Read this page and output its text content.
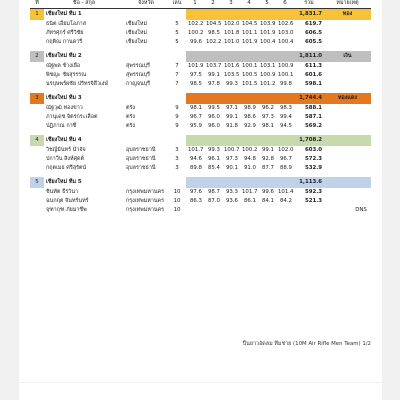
ที่	ชื่อ - สกุล	จังหวัด	เลน	1	2	3	4	5	6	รวม	หมายเหตุ	
1	เชียงใหม่ ทีม 1									1,831.7	ทอง	
	ธนิต เอี่ยมโอภาส	เชียงใหม่	5	102.2	104.5	102.0	104.5	103.9	102.6	619.7		
	ภัทรศุกร์ ศรีวิชัย	เชียงใหม่	5	100.2	98.5	101.8	101.1	101.9	103.0	606.5		
	กฤติณ กานดารี	เชียงใหม่	5	99.6	102.2	101.0	101.9	100.4	100.4	605.5		

2	เชียงใหม่ ทีม 2									1,811.0	เงิน	
	ณัฐพล ช้างเยือ	สุพรรณบุรี	7	101.9	103.7	101.6	100.1	103.1	100.9	611.3		
	พิชญะ ชัยสุรรรณ	สุพรรณบุรี	7	97.5	99.1	103.5	100.5	100.9	100.1	601.6		
	นรบุษพร์ผชัย ปริทรจิสีวเงษ์	กาญจนบุรี	7	98.5	97.8	99.3	101.5	101.2	99.8	598.1		

3	เชียงใหม่ ทีม 3									1,744.4	ทองแดง	
	ณัฐวุฒิ ทองขาว	ตรัง	9	98.1	99.5	97.1	98.9	96.2	98.3	588.1		
	ภานุเดช จิตรกระเลือต	ตรัง	9	96.7	96.0	99.1	98.6	97.3	99.4	587.1		
	ปฏิภาณ กาซี	ตรัง	9	95.9	96.0	91.8	92.9	98.1	94.5	569.2		

4	เชียงใหม่ ทีม 4									1,708.2		
	วิชญ์มินทร์ นำจัจ	อุบลราชธานี	3	101.7	99.3	100.7	100.2	99.1	102.0	603.0		
	ปกาวีน สิงห์ศุดต์	อุบลราชธานี	3	94.6	96.1	97.3	94.8	92.8	96.7	572.3		
	กฤตเมธ ศรีสุรัตน์	อุบลราชธานี	3	89.8	85.4	90.1	91.0	87.7	88.9	532.9		

5	เชียงใหม่ ทีม 5									1,113.6		
	ชินทัต ธีรวินา	กรุงเทพมหานคร	10	97.6	98.7	93.3	101.7	99.6	101.4	592.3		
	ฉนกฤต จินทร์นทร์	กรุงเทพมหานคร	10	86.3	87.0	93.6	86.1	84.1	84.2	521.3		
	จุฑากุฑ ภัยมาชีพ	กรุงเทพมหานคร	10									DNS
ปืนยาวอัดลม ทีมชาย (10M Air Rifle Men Team) 1/2
